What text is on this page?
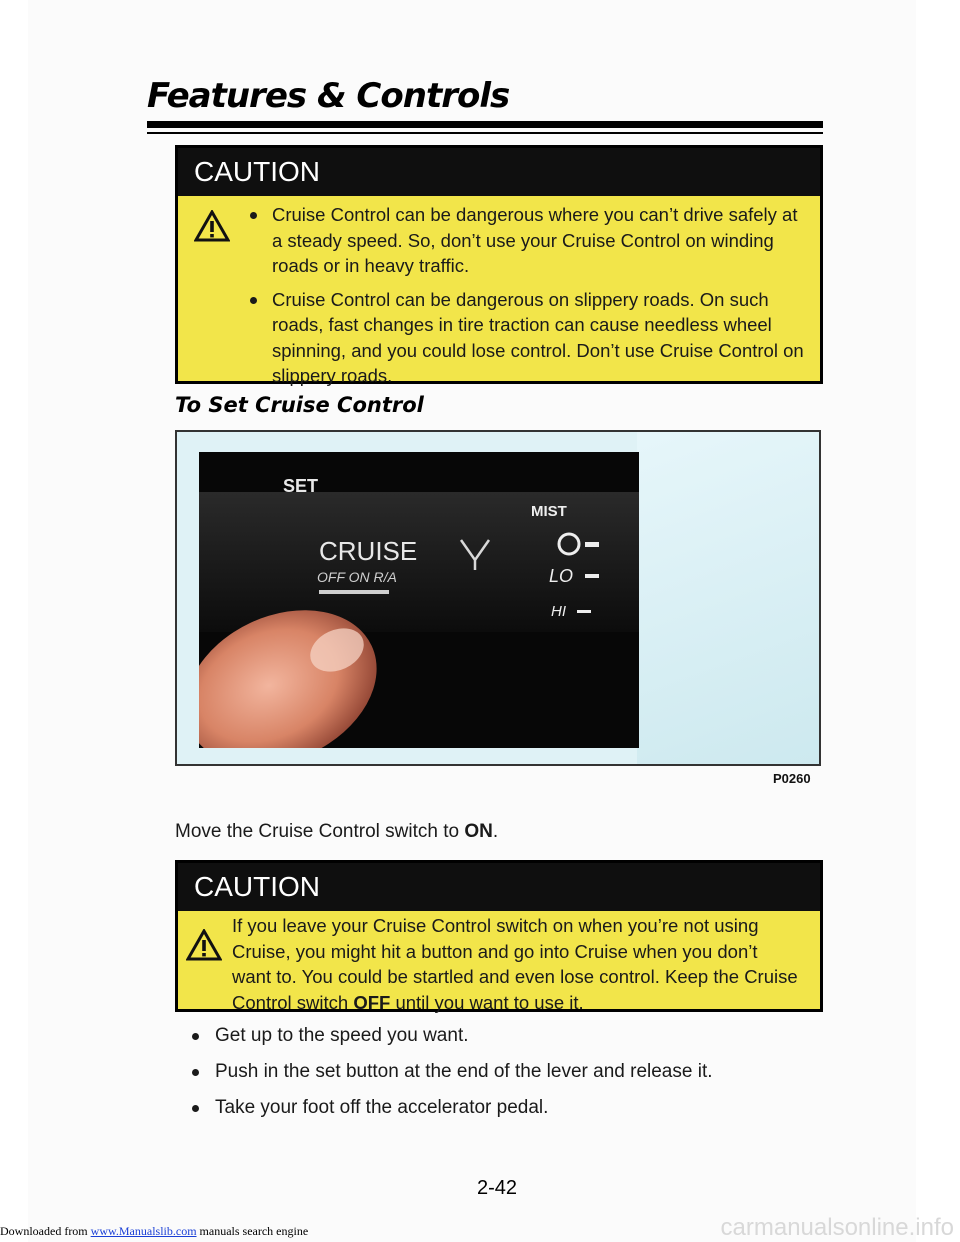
Features & Controls
CAUTION
Cruise Control can be dangerous where you can’t drive safely at a steady speed. So, don’t use your Cruise Control on winding roads or in heavy traffic.
Cruise Control can be dangerous on slippery roads. On such roads, fast changes in tire traction can cause needless wheel spinning, and you could lose control. Don’t use Cruise Control on slippery roads.
To Set Cruise Control
SET
CRUISE
OFF ON R/A
MIST
LO
HI
P0260
Move the Cruise Control switch to ON.
CAUTION
If you leave your Cruise Control switch on when you’re not using Cruise, you might hit a button and go into Cruise when you don’t want to. You could be startled and even lose control. Keep the Cruise Control switch OFF until you want to use it.
Get up to the speed you want.
Push in the set button at the end of the lever and release it.
Take your foot off the accelerator pedal.
2-42
Downloaded from www.Manualslib.com manuals search engine	carmanualsonline.info
